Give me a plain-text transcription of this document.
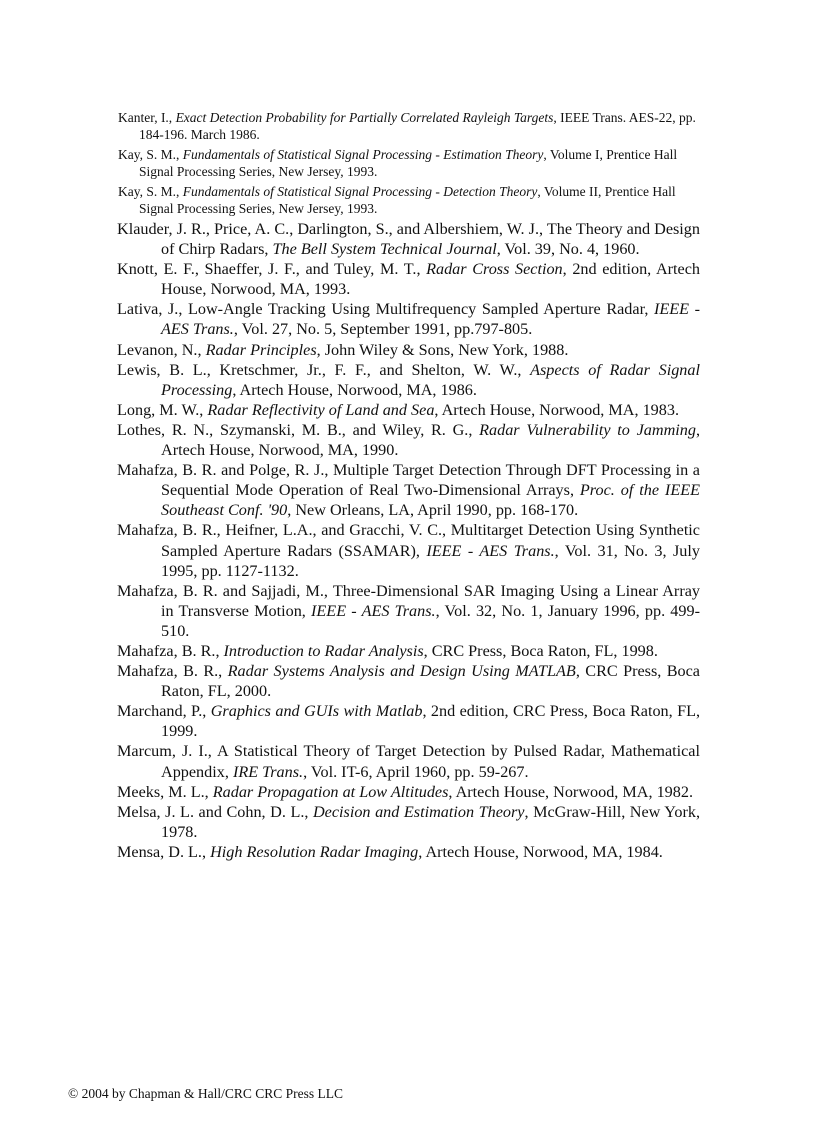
Kanter, I., Exact Detection Probability for Partially Correlated Rayleigh Targets, IEEE Trans. AES-22, pp. 184-196. March 1986.
Kay, S. M., Fundamentals of Statistical Signal Processing - Estimation Theory, Volume I, Prentice Hall Signal Processing Series, New Jersey, 1993.
Kay, S. M., Fundamentals of Statistical Signal Processing - Detection Theory, Volume II, Prentice Hall Signal Processing Series, New Jersey, 1993.
Klauder, J. R., Price, A. C., Darlington, S., and Albershiem, W. J., The Theory and Design of Chirp Radars, The Bell System Technical Journal, Vol. 39, No. 4, 1960.
Knott, E. F., Shaeffer, J. F., and Tuley, M. T., Radar Cross Section, 2nd edition, Artech House, Norwood, MA, 1993.
Lativa, J., Low-Angle Tracking Using Multifrequency Sampled Aperture Radar, IEEE - AES Trans., Vol. 27, No. 5, September 1991, pp.797-805.
Levanon, N., Radar Principles, John Wiley & Sons, New York, 1988.
Lewis, B. L., Kretschmer, Jr., F. F., and Shelton, W. W., Aspects of Radar Signal Processing, Artech House, Norwood, MA, 1986.
Long, M. W., Radar Reflectivity of Land and Sea, Artech House, Norwood, MA, 1983.
Lothes, R. N., Szymanski, M. B., and Wiley, R. G., Radar Vulnerability to Jamming, Artech House, Norwood, MA, 1990.
Mahafza, B. R. and Polge, R. J., Multiple Target Detection Through DFT Processing in a Sequential Mode Operation of Real Two-Dimensional Arrays, Proc. of the IEEE Southeast Conf. '90, New Orleans, LA, April 1990, pp. 168-170.
Mahafza, B. R., Heifner, L.A., and Gracchi, V. C., Multitarget Detection Using Synthetic Sampled Aperture Radars (SSAMAR), IEEE - AES Trans., Vol. 31, No. 3, July 1995, pp. 1127-1132.
Mahafza, B. R. and Sajjadi, M., Three-Dimensional SAR Imaging Using a Linear Array in Transverse Motion, IEEE - AES Trans., Vol. 32, No. 1, January 1996, pp. 499-510.
Mahafza, B. R., Introduction to Radar Analysis, CRC Press, Boca Raton, FL, 1998.
Mahafza, B. R., Radar Systems Analysis and Design Using MATLAB, CRC Press, Boca Raton, FL, 2000.
Marchand, P., Graphics and GUIs with Matlab, 2nd edition, CRC Press, Boca Raton, FL, 1999.
Marcum, J. I., A Statistical Theory of Target Detection by Pulsed Radar, Mathematical Appendix, IRE Trans., Vol. IT-6, April 1960, pp. 59-267.
Meeks, M. L., Radar Propagation at Low Altitudes, Artech House, Norwood, MA, 1982.
Melsa, J. L. and Cohn, D. L., Decision and Estimation Theory, McGraw-Hill, New York, 1978.
Mensa, D. L., High Resolution Radar Imaging, Artech House, Norwood, MA, 1984.
© 2004 by Chapman & Hall/CRC CRC Press LLC
